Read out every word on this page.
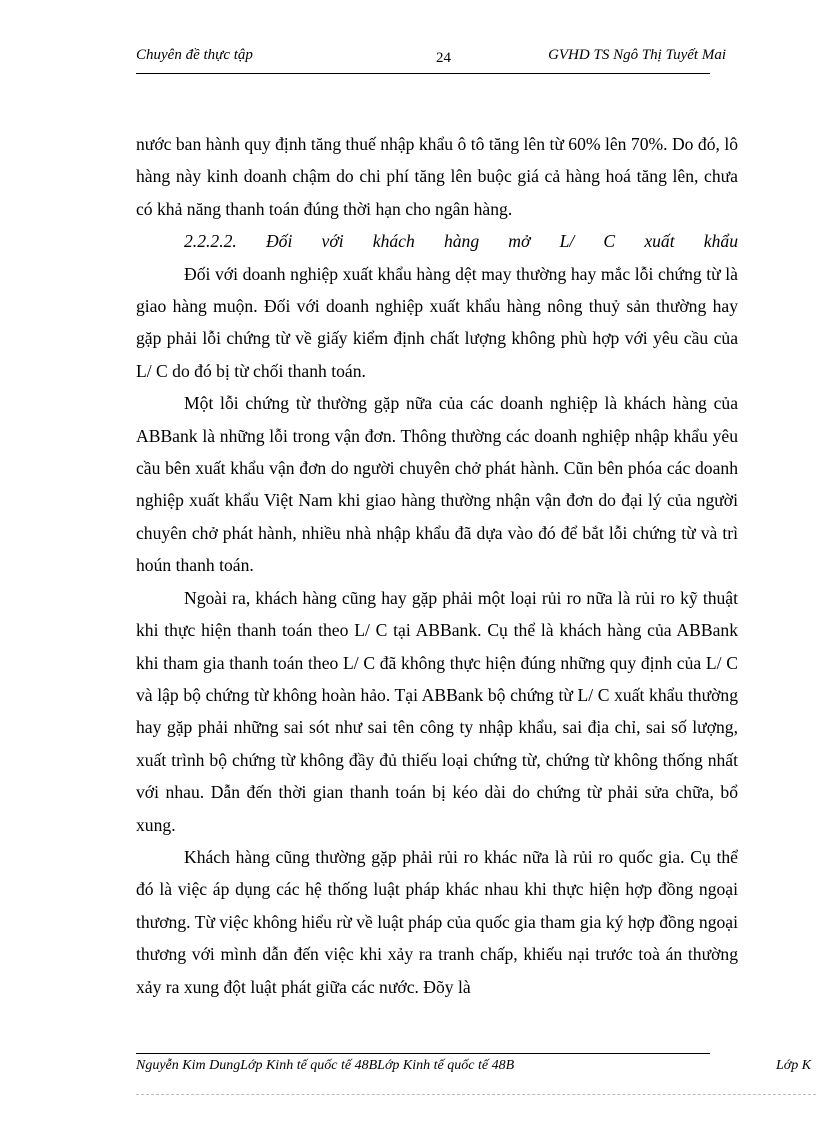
Chuyên đề thực tập	24	GVHD TS Ngô Thị Tuyết Mai

nước ban hành quy định tăng thuế nhập khẩu ô tô tăng lên từ 60% lên 70%. Do đó, lô hàng này kinh doanh chậm do chi phí tăng lên buộc giá cả hàng hoá tăng lên, chưa có khả năng thanh toán đúng thời hạn cho ngân hàng.

2.2.2.2. Đối với khách hàng mở L/ C xuất khẩu

Đối với doanh nghiệp xuất khẩu hàng dệt may thường hay mắc lỗi chứng từ là giao hàng muộn. Đối với doanh nghiệp xuất khẩu hàng nông thuỷ sản thường hay gặp phải lỗi chứng từ về giấy kiểm định chất lượng không phù hợp với yêu cầu của L/ C do đó bị từ chối thanh toán.

Một lỗi chứng từ thường gặp nữa của các doanh nghiệp là khách hàng của ABBank là những lỗi trong vận đơn. Thông thường các doanh nghiệp nhập khẩu yêu cầu bên xuất khẩu vận đơn do người chuyên chở phát hành. Cũn bên phóa các doanh nghiệp xuất khẩu Việt Nam khi giao hàng thường nhận vận đơn do đại lý của người chuyên chở phát hành, nhiều nhà nhập khẩu đã dựa vào đó để bắt lỗi chứng từ và trì hoún thanh toán.

Ngoài ra, khách hàng cũng hay gặp phải một loại rủi ro nữa là rủi ro kỹ thuật khi thực hiện thanh toán theo L/ C tại ABBank. Cụ thể là khách hàng của ABBank khi tham gia thanh toán theo L/ C đã không thực hiện đúng những quy định của L/ C và lập bộ chứng từ không hoàn hảo. Tại ABBank bộ chứng từ L/ C xuất khẩu thường hay gặp phải những sai sót như sai tên công ty nhập khẩu, sai địa chỉ, sai số lượng, xuất trình bộ chứng từ không đầy đủ thiếu loại chứng từ, chứng từ không thống nhất với nhau. Dẫn đến thời gian thanh toán bị kéo dài do chứng từ phải sửa chữa, bổ xung.

Khách hàng cũng thường gặp phải rủi ro khác nữa là rủi ro quốc gia. Cụ thể đó là việc áp dụng các hệ thống luật pháp khác nhau khi thực hiện hợp đồng ngoại thương. Từ việc không hiểu rừ về luật pháp của quốc gia tham gia ký hợp đồng ngoại thương với mình dẫn đến việc khi xảy ra tranh chấp, khiếu nại trước toà án thường xảy ra xung đột luật phát giữa các nước. Đõy là

Nguyễn Kim DungLớp Kinh tế quốc tế 48BLớp Kinh tế quốc tế 48B	Lớp K
